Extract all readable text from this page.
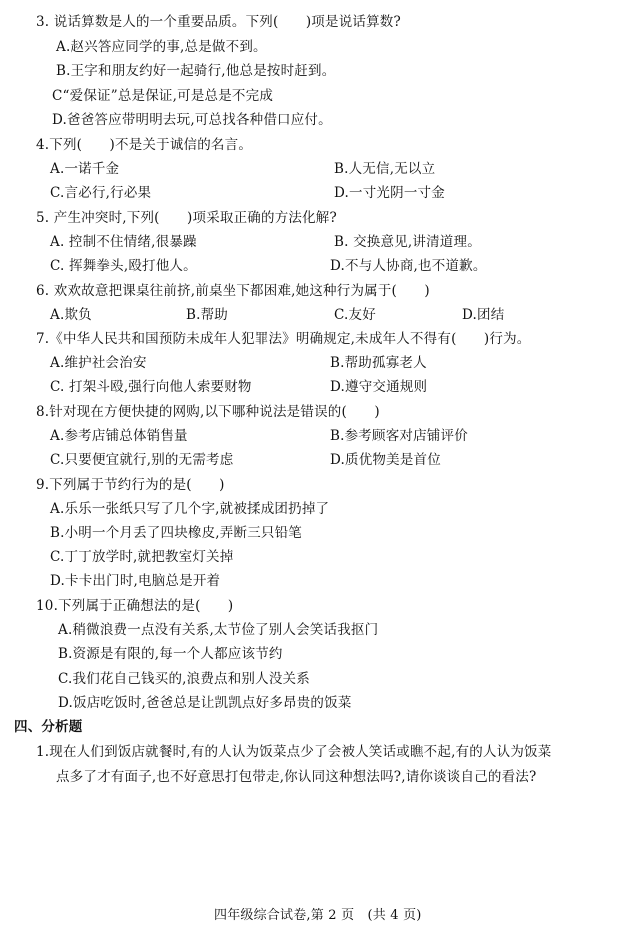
3. 说话算数是人的一个重要品质。下列(　　)项是说话算数?
A.赵兴答应同学的事,总是做不到。
B.王字和朋友约好一起骑行,他总是按时赶到。
C“爱保证”总是保证,可是总是不完成
D.爸爸答应带明明去玩,可总找各种借口应付。
4.下列(　　)不是关于诚信的名言。
A.一诺千金	B.人无信,无以立
C.言必行,行必果	D.一寸光阴一寸金
5. 产生冲突时,下列(　　)项采取正确的方法化解?
A. 控制不住情绪,很暴躁	B. 交换意见,讲清道理。
C. 挥舞拳头,殴打他人。	D.不与人协商,也不道歉。
6. 欢欢故意把课桌往前挤,前桌坐下都困难,她这种行为属于(　　)
A.欺负	B.帮助	C.友好	D.团结
7.《中华人民共和国预防未成年人犯罪法》明确规定,未成年人不得有(　　)行为。
A.维护社会治安	B.帮助孤寡老人
C. 打架斗殴,强行向他人索要财物	D.遵守交通规则
8.针对现在方便快捷的网购,以下哪种说法是错误的(　　)
A.参考店铺总体销售量	B.参考顾客对店铺评价
C.只要便宜就行,别的无需考虑	D.质优物美是首位
9.下列属于节约行为的是(　　)
A.乐乐一张纸只写了几个字,就被揉成团扔掉了
B.小明一个月丢了四块橡皮,弄断三只铅笔
C.丁丁放学时,就把教室灯关掉
D.卡卡出门时,电脑总是开着
10.下列属于正确想法的是(　　)
A.稍微浪费一点没有关系,太节俭了别人会笑话我抠门
B.资源是有限的,每一个人都应该节约
C.我们花自己钱买的,浪费点和别人没关系
D.饭店吃饭时,爸爸总是让凯凯点好多昂贵的饭菜
四、分析题
1.现在人们到饭店就餐时,有的人认为饭菜点少了会被人笑话或瞧不起,有的人认为饭菜
点多了才有面子,也不好意思打包带走,你认同这种想法吗?,请你谈谈自己的看法?
四年级综合试卷,第 2 页　(共 4 页)
